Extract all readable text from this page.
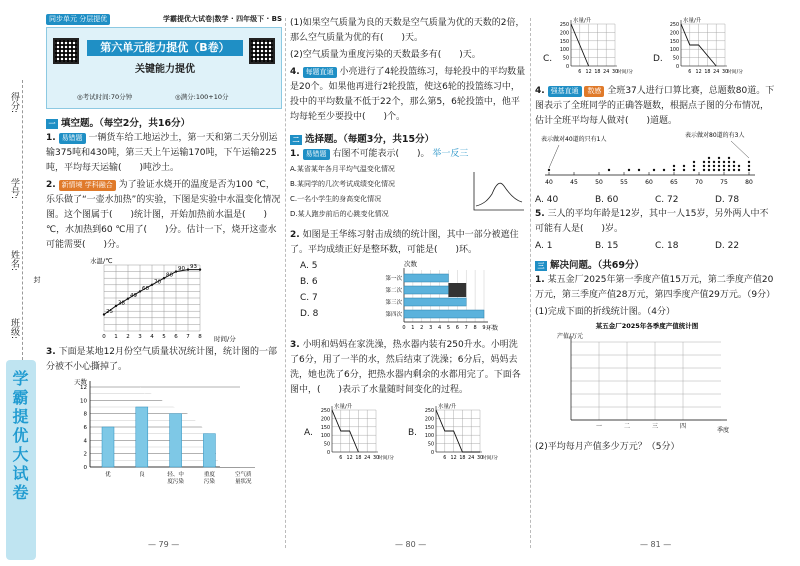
得分:
学号:
姓名:
班级:
封
学霸提优大试卷
同步单元 分层提优	学霸提优大试卷|数学 · 四年级下 · BS
第六单元能力提优（B卷）
关键能力提优
◎考试时间:70分钟	◎满分:100+10分
一 填空题。（每空2分，共16分）

1. 易错题 一辆货车给工地运沙土，第一天和第二天分别运输375吨和430吨，第三天上午运输170吨，下午运输225吨，平均每天运输(　　)吨沙土。

2. 新情境 学科融合 为了验证水烧开的温度是否为100 ℃，乐乐做了“一壶水加热”的实验，下图是实验中水温变化情况图。这个图属于(　　)统计图，开始加热前水温是(　　)℃，水加热到60 ℃用了(　　)分。估计一下，烧开这壶水可能需要(　　)分。

水温/℃
0 1 2 3 4 5 6 7 8
25
38
49
60
70
80
90 93
时间/分

3. 下面是某地12月份空气质量状况统计图，统计图的一部分被不小心撕掉了。

天数
0
2
4
6
8
10
12
优	良	轻、中
度污染
重度
污染
空气质
量状况
— 79 —

(1)如果空气质量为良的天数是空气质量为优的天数的2倍，那么空气质量为优的有(　　)天。

(2)空气质量为重度污染的天数最多有(　　)天。

4. 每题直通 小亮进行了4轮投篮练习，每轮投中的平均数量是20个。如果他再进行2轮投篮，使这6轮的投篮练习中，投中的平均数量不低于22个，那么第5，6轮投篮中，他平均每轮至少要投中(　　)个。

二 选择题。（每题3分，共15分）

1. 易错题 右图不可能表示(　　)。 举一反三

A.某省某年各月平均气温变化情况
B.某同学的几次考试成绩变化情况
C.一名小学生的身高变化情况
D.某人跑步前后的心跳变化情况

2. 如图是王华练习射击成绩的统计图，其中一部分被遮住了。平均成绩正好是整环数，可能是(　　)环。

A. 5
B. 6
C. 7
D. 8
次数
0 1 2 3 4 5 6 7 8 9
第一次
第二次
第三次
第四次
环数

3. 小明和妈妈在家洗澡，热水器内装有250升水。小明洗了6分，用了一半的水，然后结束了洗澡；6分后，妈妈去洗，她也洗了6分，把热水器内剩余的水都用完了。下面各图中，(　　)表示了水量随时间变化的过程。

A.
水量/升
0
50
100
150
200
250
6 12 18 24 30
时间/分
B.
水量/升
0
50
100
150
200
250
6 12 18 24 30
时间/分
— 80 —
C.
水量/升
0
50
100
150
200
250
6 12 18 24 30
时间/分
D.
水量/升
0
50
100
150
200
250
6 12 18 24 30
时间/分

4. 强基直通 数感 全班37人进行口算比赛，总题数80道。下图表示了全班同学的正确答题数，根据点子图的分布情况，估计全班平均每人做对(　　)道题。

表示做对40道的只有1人
表示做对80道的有3人
40	45	50	55	60	65	70	75	80
A. 40	B. 60	C. 72	D. 78

5. 三人的平均年龄是12岁，其中一人15岁，另外两人中不可能有人是(　　)岁。

A. 1	B. 15	C. 18	D. 22
三 解决问题。（共69分）

1. 某五金厂2025年第一季度产值15万元，第二季度产值20万元，第三季度产值28万元，第四季度产值29万元。（9分）

(1)完成下面的折线统计图。（4分）

某五金厂2025年各季度产值统计图
产值/万元
一	二	三	四
季度

(2)平均每月产值多少万元？（5分）

— 81 —
